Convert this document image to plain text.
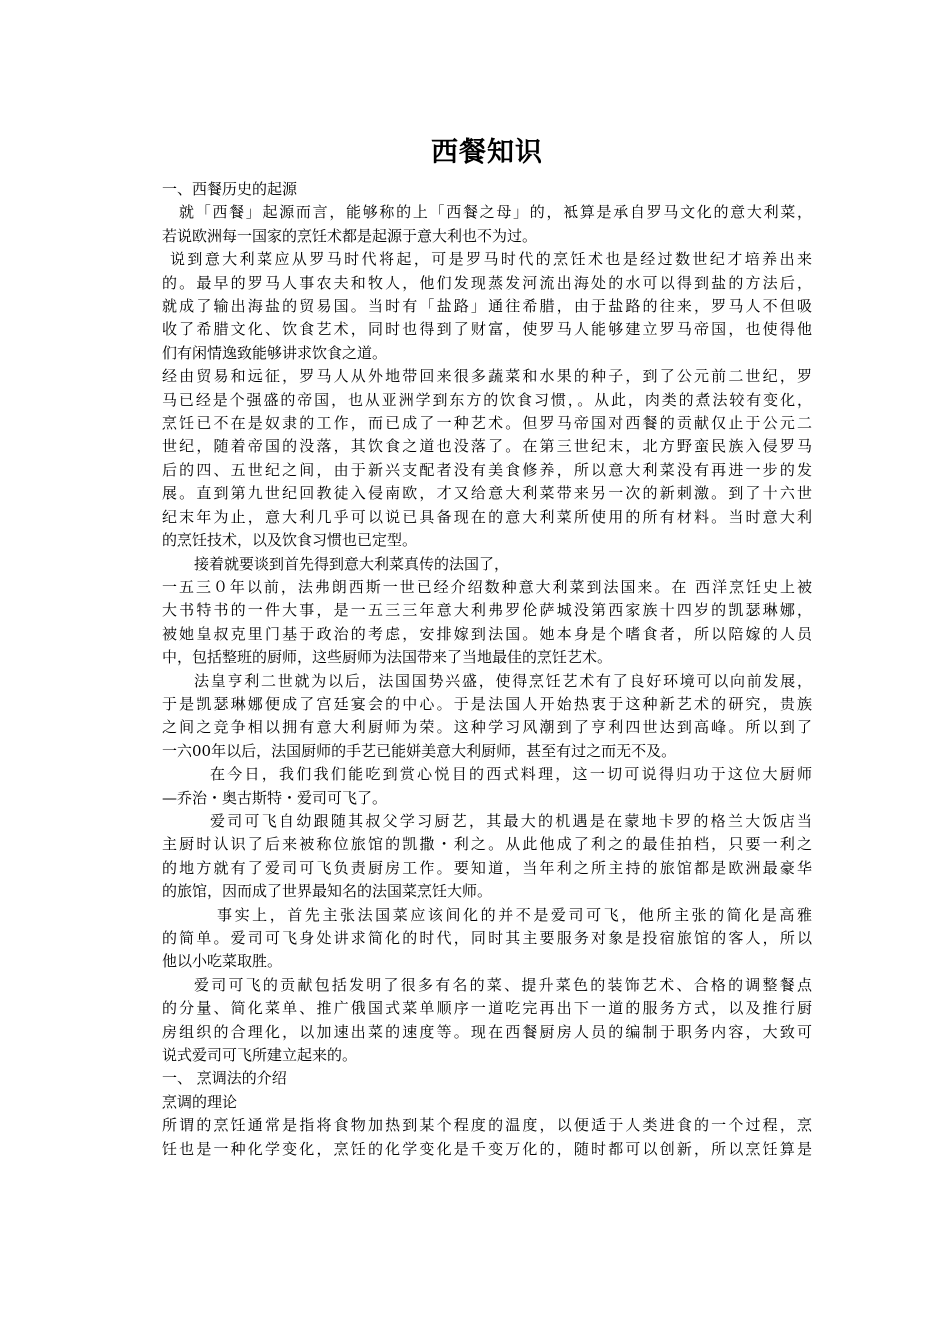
西餐知识
一、西餐历史的起源
就「西餐」起源而言，能够称的上「西餐之母」的，袛算是承自罗马文化的意大利菜，
若说欧洲每一国家的烹饪术都是起源于意大利也不为过。
说到意大利菜应从罗马时代将起，可是罗马时代的烹饪术也是经过数世纪才培养出来
的。最早的罗马人事农夫和牧人，他们发现蒸发河流出海处的水可以得到盐的方法后，
就成了输出海盐的贸易国。当时有「盐路」通往希腊，由于盐路的往来，罗马人不但吸
收了希腊文化、饮食艺术，同时也得到了财富，使罗马人能够建立罗马帝国，也使得他
们有闲情逸致能够讲求饮食之道。
经由贸易和远征，罗马人从外地带回来很多蔬菜和水果的种子，到了公元前二世纪，罗
马已经是个强盛的帝国，也从亚洲学到东方的饮食习惯，。从此，肉类的煮法较有变化，
烹饪已不在是奴隶的工作，而已成了一种艺术。但罗马帝国对西餐的贡献仅止于公元二
世纪，随着帝国的没落，其饮食之道也没落了。在第三世纪末，北方野蛮民族入侵罗马
后的四、五世纪之间，由于新兴支配者没有美食修养，所以意大利菜没有再进一步的发
展。直到第九世纪回教徒入侵南欧，才又给意大利菜带来另一次的新刺激。到了十六世
纪末年为止，意大利几乎可以说已具备现在的意大利菜所使用的所有材料。当时意大利
的烹饪技术，以及饮食习惯也已定型。
接着就要谈到首先得到意大利菜真传的法国了，
一五三０年以前，法弗朗西斯一世已经介绍数种意大利菜到法国来。在 西洋烹饪史上被
大书特书的一件大事，是一五三三年意大利弗罗伦萨城没第西家族十四岁的凯瑟琳娜，
被她皇叔克里门基于政治的考虑，安排嫁到法国。她本身是个嗜食者，所以陪嫁的人员
中，包括整班的厨师，这些厨师为法国带来了当地最佳的烹饪艺术。
法皇亨利二世就为以后，法国国势兴盛，使得烹饪艺术有了良好环境可以向前发展，
于是凯瑟琳娜便成了宫廷宴会的中心。于是法国人开始热衷于这种新艺术的研究，贵族
之间之竞争相以拥有意大利厨师为荣。这种学习风潮到了亨利四世达到高峰。所以到了
一六00年以后，法国厨师的手艺已能姘美意大利厨师，甚至有过之而无不及。
在今日，我们我们能吃到赏心悦目的西式料理，这一切可说得归功于这位大厨师
—乔治・奥古斯特・爱司可飞了。
爱司可飞自幼跟随其叔父学习厨艺，其最大的机遇是在蒙地卡罗的格兰大饭店当
主厨时认识了后来被称位旅馆的凯撒・利之。从此他成了利之的最佳拍档，只要一利之
的地方就有了爱司可飞负责厨房工作。要知道，当年利之所主持的旅馆都是欧洲最豪华
的旅馆，因而成了世界最知名的法国菜烹饪大师。
事实上，首先主张法国菜应该间化的并不是爱司可飞，他所主张的简化是高雅
的简单。爱司可飞身处讲求简化的时代，同时其主要服务对象是投宿旅馆的客人，所以
他以小吃菜取胜。
爱司可飞的贡献包括发明了很多有名的菜、提升菜色的装饰艺术、合格的调整餐点
的分量、简化菜单、推广俄国式菜单顺序一道吃完再出下一道的服务方式，以及推行厨
房组织的合理化，以加速出菜的速度等。现在西餐厨房人员的编制于职务内容，大致可
说式爱司可飞所建立起来的。
一、 烹调法的介绍
烹调的理论
所谓的烹饪通常是指将食物加热到某个程度的温度，以便适于人类进食的一个过程，烹
饪也是一种化学变化，烹饪的化学变化是千变万化的，随时都可以创新，所以烹饪算是
